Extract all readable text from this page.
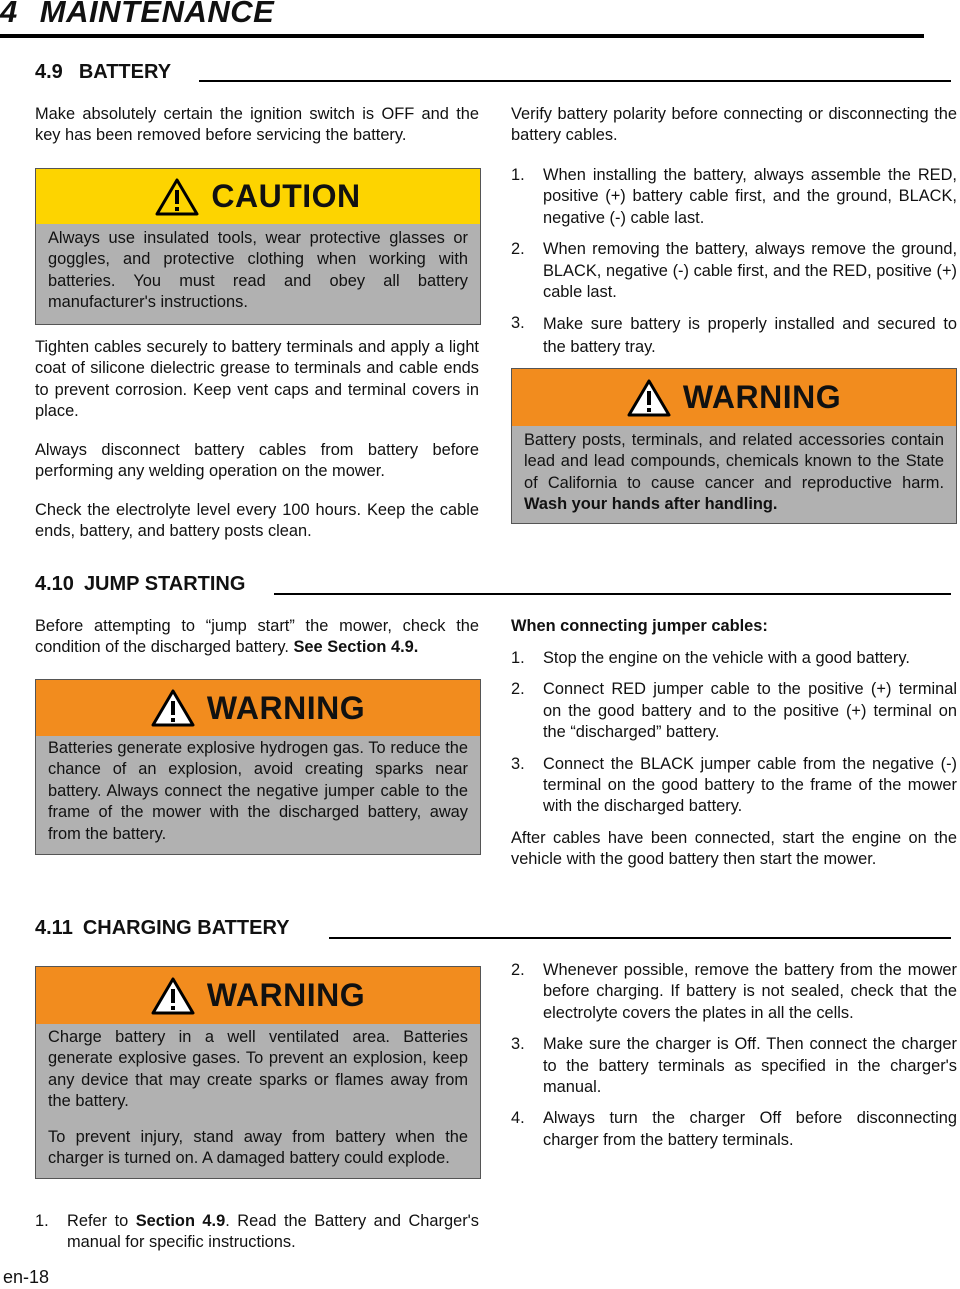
4 MAINTENANCE
4.9 BATTERY
Make absolutely certain the ignition switch is OFF and the key has been removed before servicing the battery.
CAUTION
Always use insulated tools, wear protective glasses or goggles, and protective clothing when working with batteries. You must read and obey all battery manufacturer's instructions.
Tighten cables securely to battery terminals and apply a light coat of silicone dielectric grease to terminals and cable ends to prevent corrosion. Keep vent caps and terminal covers in place.
Always disconnect battery cables from battery before performing any welding operation on the mower.
Check the electrolyte level every 100 hours. Keep the cable ends, battery, and battery posts clean.
Verify battery polarity before connecting or disconnecting the battery cables.
1.	When installing the battery, always assemble the RED, positive (+) battery cable first, and the ground, BLACK, negative (-) cable last.
2.	When removing the battery, always remove the ground, BLACK, negative (-) cable first, and the RED, positive (+) cable last.
3.	Make sure battery is properly installed and secured to the battery tray.
WARNING
Battery posts, terminals, and related accessories contain lead and lead compounds, chemicals known to the State of California to cause cancer and reproductive harm. Wash your hands after handling.
4.10 JUMP STARTING
Before attempting to “jump start” the mower, check the condition of the discharged battery. See Section 4.9.
WARNING
Batteries generate explosive hydrogen gas. To reduce the chance of an explosion, avoid creating sparks near battery. Always connect the negative jumper cable to the frame of the mower with the discharged battery, away from the battery.
When connecting jumper cables:
1.	Stop the engine on the vehicle with a good battery.
2.	Connect RED jumper cable to the positive (+) terminal on the good battery and to the positive (+) terminal on the “discharged” battery.
3.	Connect the BLACK jumper cable from the negative (-) terminal on the good battery to the frame of the mower with the discharged battery.
After cables have been connected, start the engine on the vehicle with the good battery then start the mower.
4.11 CHARGING BATTERY
WARNING
Charge battery in a well ventilated area. Batteries generate explosive gases. To prevent an explosion, keep any device that may create sparks or flames away from the battery.
To prevent injury, stand away from battery when the charger is turned on. A damaged battery could explode.
1.	Refer to Section 4.9. Read the Battery and Charger's manual for specific instructions.
2.	Whenever possible, remove the battery from the mower before charging. If battery is not sealed, check that the electrolyte covers the plates in all the cells.
3.	Make sure the charger is Off. Then connect the charger to the battery terminals as specified in the charger's manual.
4.	Always turn the charger Off before disconnecting charger from the battery terminals.
en-18
